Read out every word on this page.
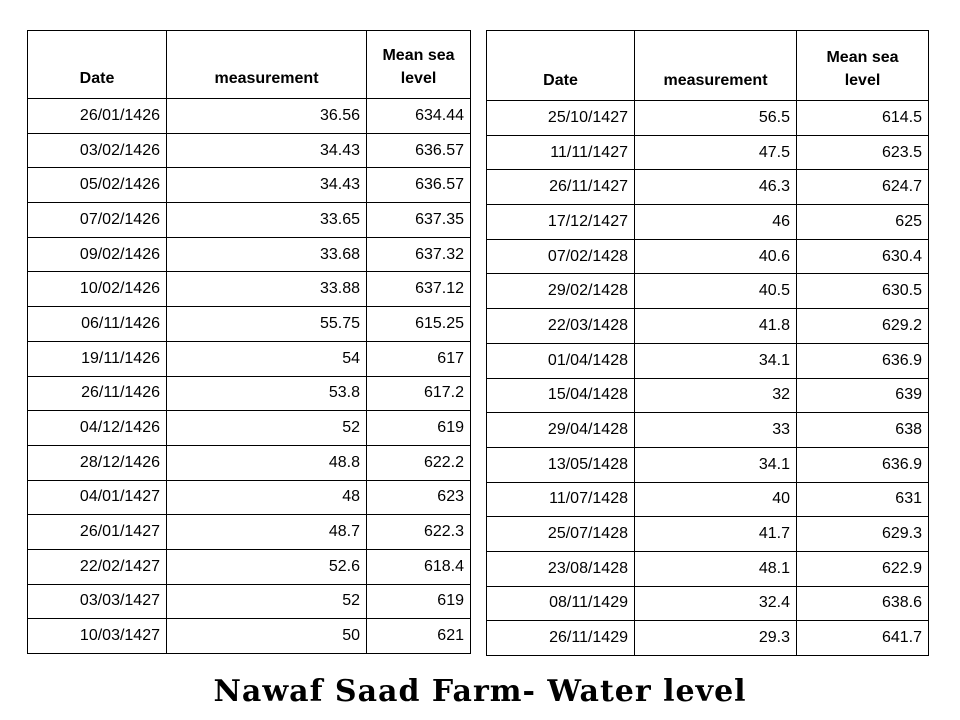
Date	measurement	Mean sea
level
26/01/1426	36.56	634.44
03/02/1426	34.43	636.57
05/02/1426	34.43	636.57
07/02/1426	33.65	637.35
09/02/1426	33.68	637.32
10/02/1426	33.88	637.12
06/11/1426	55.75	615.25
19/11/1426	54	617
26/11/1426	53.8	617.2
04/12/1426	52	619
28/12/1426	48.8	622.2
04/01/1427	48	623
26/01/1427	48.7	622.3
22/02/1427	52.6	618.4
03/03/1427	52	619
10/03/1427	50	621
Date	measurement	Mean sea
level
25/10/1427	56.5	614.5
11/11/1427	47.5	623.5
26/11/1427	46.3	624.7
17/12/1427	46	625
07/02/1428	40.6	630.4
29/02/1428	40.5	630.5
22/03/1428	41.8	629.2
01/04/1428	34.1	636.9
15/04/1428	32	639
29/04/1428	33	638
13/05/1428	34.1	636.9
11/07/1428	40	631
25/07/1428	41.7	629.3
23/08/1428	48.1	622.9
08/11/1429	32.4	638.6
26/11/1429	29.3	641.7
Nawaf Saad Farm- Water level
